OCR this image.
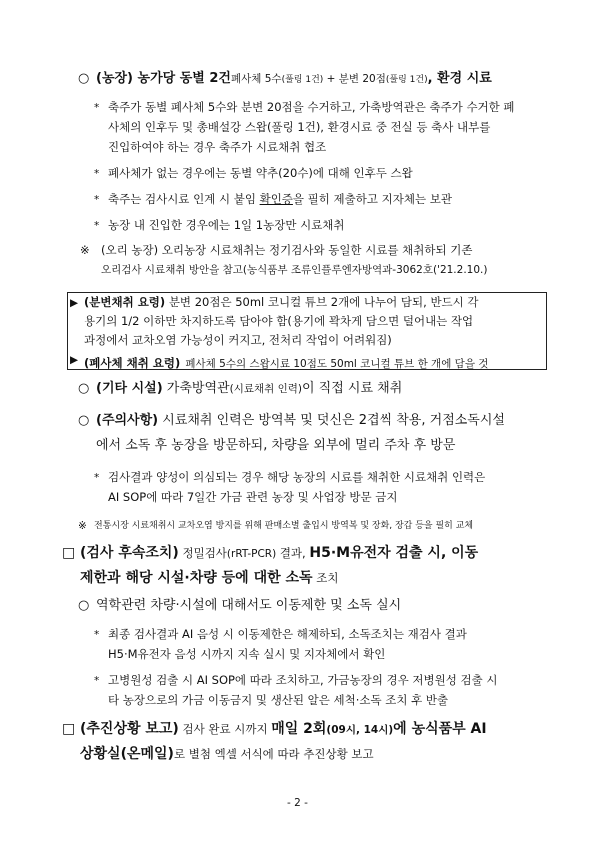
○ (농장) 농가당 동별 2건폐사체 5수(풀링 1건) + 분변 20점(풀링 1건), 환경 시료
* 축주가 동별 폐사체 5수와 분변 20점을 수거하고, 가축방역관은 축주가 수거한 폐
사체의 인후두 및 총배설강 스왑(풀링 1건), 환경시료 중 전실 등 축사 내부를
진입하여야 하는 경우 축주가 시료채취 협조
* 폐사체가 없는 경우에는 동별 약추(20수)에 대해 인후두 스왑
* 축주는 검사시료 인계 시 붙임 확인증을 필히 제출하고 지자체는 보관
* 농장 내 진입한 경우에는 1일 1농장만 시료채취
※ (오리 농장) 오리농장 시료채취는 정기검사와 동일한 시료를 채취하되 기존
오리검사 시료채취 방안을 참고(농식품부 조류인플루엔자방역과-3062호('21.2.10.)
▶ (분변채취 요령) 분변 20점은 50ml 코니컬 튜브 2개에 나누어 담되, 반드시 각
용기의 1/2 이하만 차지하도록 담아야 함(용기에 꽉차게 담으면 덜어내는 작업
과정에서 교차오염 가능성이 커지고, 전처리 작업이 어려워짐)
▶ (폐사체 채취 요령) 폐사체 5수의 스왑시료 10점도 50ml 코니컬 튜브 한 개에 담을 것
○ (기타 시설) 가축방역관(시료채취 인력)이 직접 시료 채취
○ (주의사항) 시료채취 인력은 방역복 및 덧신은 2겹씩 착용, 거점소독시설
에서 소독 후 농장을 방문하되, 차량을 외부에 멀리 주차 후 방문
* 검사결과 양성이 의심되는 경우 해당 농장의 시료를 채취한 시료채취 인력은
AI SOP에 따라 7일간 가금 관련 농장 및 사업장 방문 금지
※ 전통시장 시료채취시 교차오염 방지를 위해 판매소별 출입시 방역복 및 장화, 장갑 등을 필히 교체
□ (검사 후속조치) 정밀검사(rRT-PCR) 결과, H5·M유전자 검출 시, 이동
제한과 해당 시설·차량 등에 대한 소독 조치
○ 역학관련 차량·시설에 대해서도 이동제한 및 소독 실시
* 최종 검사결과 AI 음성 시 이동제한은 해제하되, 소독조치는 재검사 결과
H5·M유전자 음성 시까지 지속 실시 및 지자체에서 확인
* 고병원성 검출 시 AI SOP에 따라 조치하고, 가금농장의 경우 저병원성 검출 시
타 농장으로의 가금 이동금지 및 생산된 알은 세척·소독 조치 후 반출
□ (추진상황 보고) 검사 완료 시까지 매일 2회(09시, 14시)에 농식품부 AI
상황실(온메일)로 별첨 엑셀 서식에 따라 추진상황 보고
- 2 -
